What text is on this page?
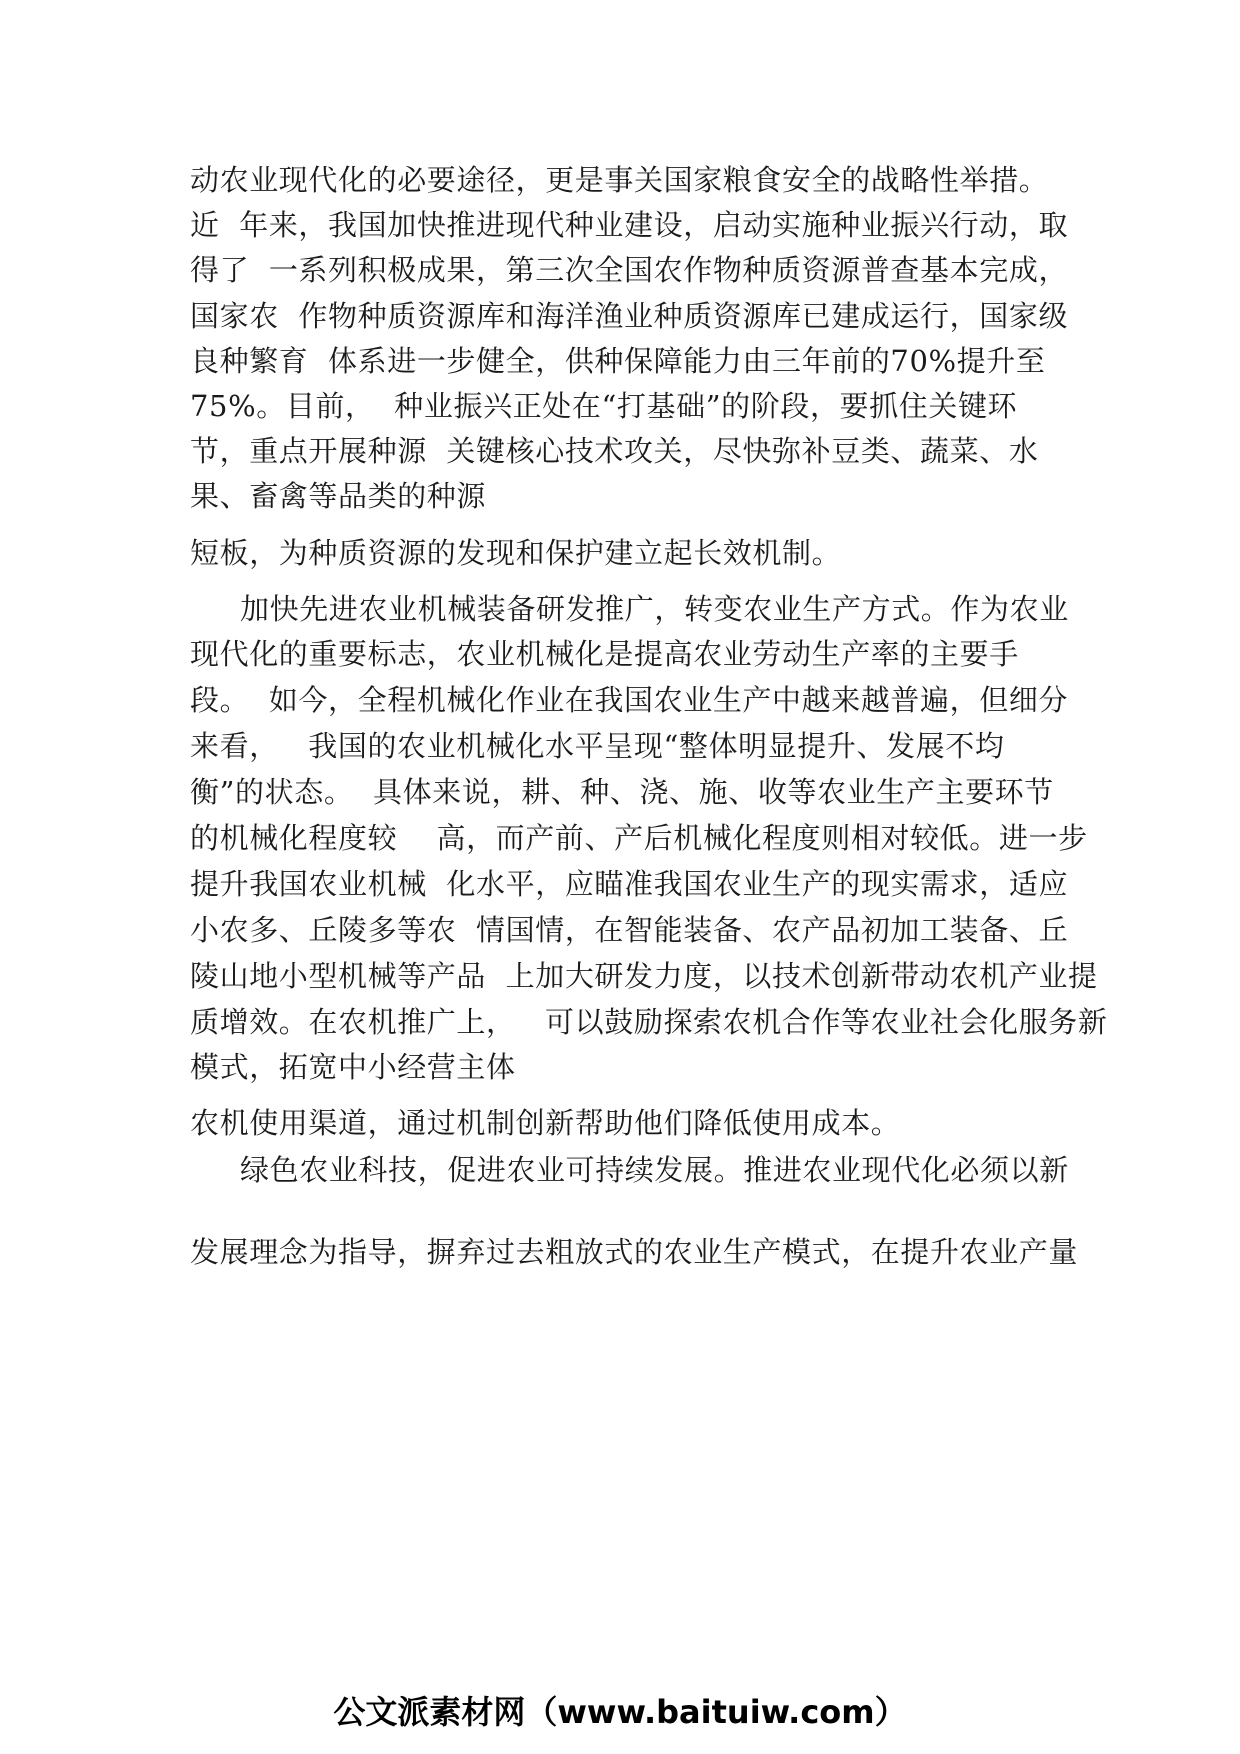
动农业现代化的必要途径，更是事关国家粮食安全的战略性举措。
近  年来，我国加快推进现代种业建设，启动实施种业振兴行动，取
得了  一系列积极成果，第三次全国农作物种质资源普查基本完成，
国家农  作物种质资源库和海洋渔业种质资源库已建成运行，国家级
良种繁育  体系进一步健全，供种保障能力由三年前的70%提升至
75%。目前，  种业振兴正处在“打基础”的阶段，要抓住关键环
节，重点开展种源  关键核心技术攻关，尽快弥补豆类、蔬菜、水
果、畜禽等品类的种源
短板，为种质资源的发现和保护建立起长效机制。
加快先进农业机械装备研发推广，转变农业生产方式。作为农业
现代化的重要标志，农业机械化是提高农业劳动生产率的主要手
段。  如今，全程机械化作业在我国农业生产中越来越普遍，但细分
来看，   我国的农业机械化水平呈现“整体明显提升、发展不均
衡”的状态。  具体来说，耕、种、浇、施、收等农业生产主要环节
的机械化程度较    高，而产前、产后机械化程度则相对较低。进一步
提升我国农业机械  化水平，应瞄准我国农业生产的现实需求，适应
小农多、丘陵多等农  情国情，在智能装备、农产品初加工装备、丘
陵山地小型机械等产品  上加大研发力度，以技术创新带动农机产业提
质增效。在农机推广上，   可以鼓励探索农机合作等农业社会化服务新
模式，拓宽中小经营主体
农机使用渠道，通过机制创新帮助他们降低使用成本。
绿色农业科技，促进农业可持续发展。推进农业现代化必须以新
发展理念为指导，摒弃过去粗放式的农业生产模式，在提升农业产量
公文派素材网（www.baituiw.com）
